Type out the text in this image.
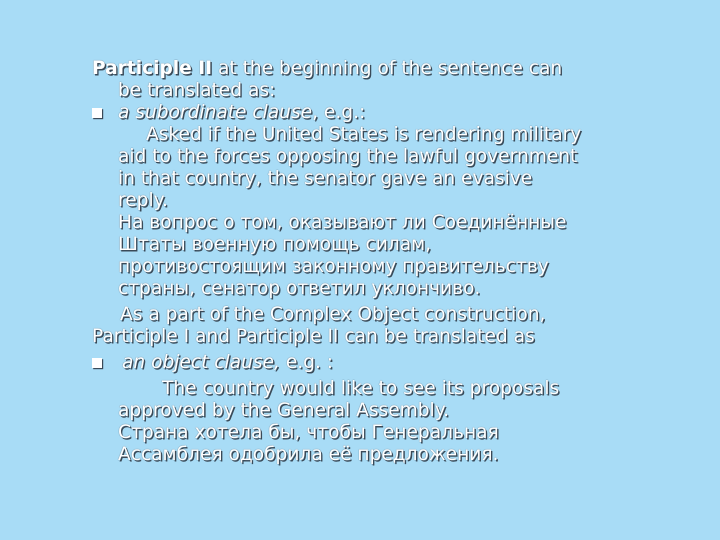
Participle II at the beginning of the sentence can

be translated as:

a subordinate clause, e.g.:

Asked if the United States is rendering military

aid to the forces opposing the lawful government

in that country, the senator gave an evasive

reply.

На вопрос о том, оказывают ли Соединённые

Штаты военную помощь силам,

противостоящим законному правительству

страны, сенатор ответил уклончиво.

As a part of the Complex Object construction,

Participle I and Participle II can be translated as

an object clause, e.g. :

The country would like to see its proposals

approved by the General Assembly.

Страна хотела бы, чтобы Генеральная

Ассамблея одобрила её предложения.
